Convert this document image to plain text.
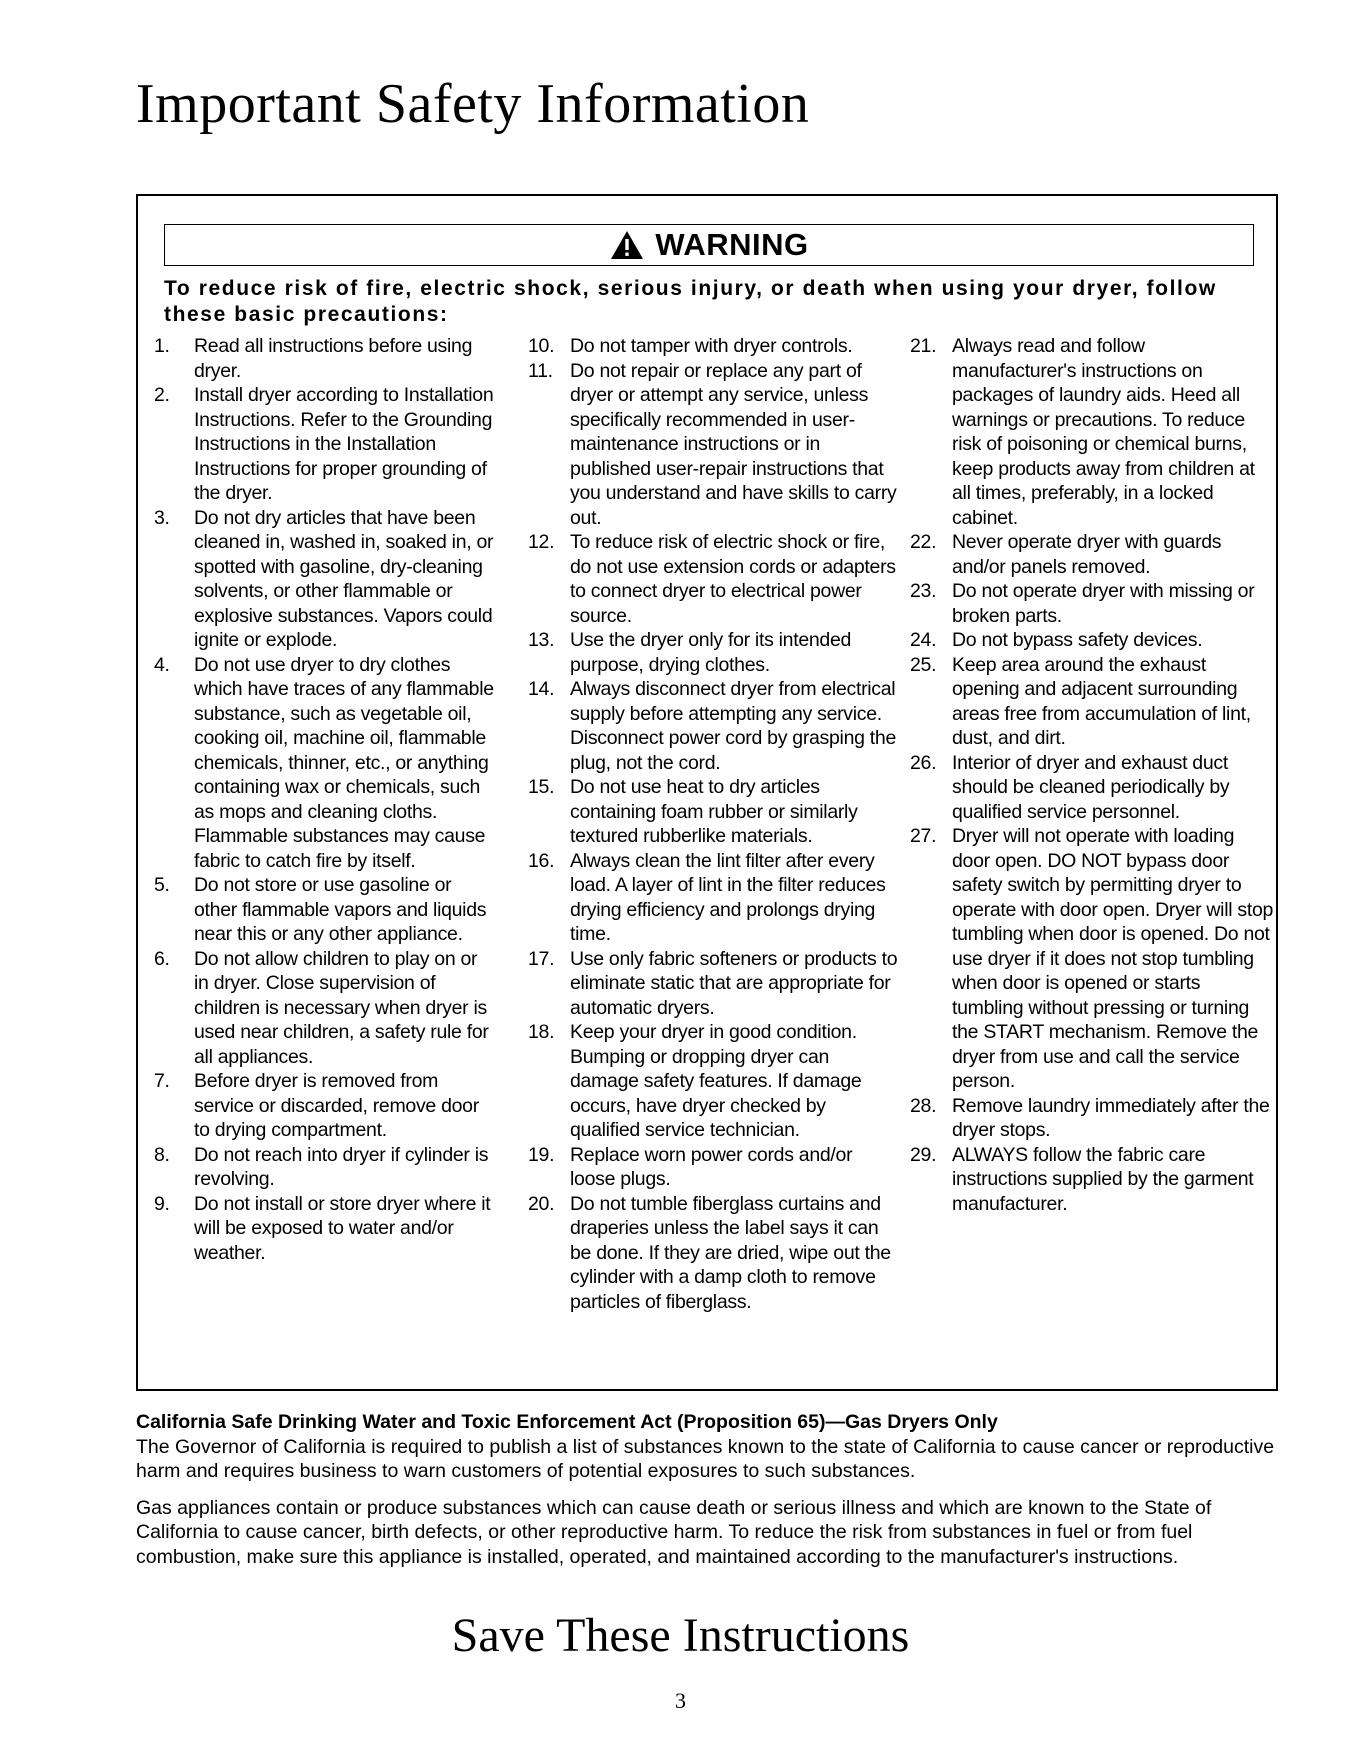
Important Safety Information
WARNING
To reduce risk of fire, electric shock, serious injury, or death when using your dryer, follow these basic precautions:
1. Read all instructions before using dryer.
2. Install dryer according to Installation Instructions. Refer to the Grounding Instructions in the Installation Instructions for proper grounding of the dryer.
3. Do not dry articles that have been cleaned in, washed in, soaked in, or spotted with gasoline, dry-cleaning solvents, or other flammable or explosive substances. Vapors could ignite or explode.
4. Do not use dryer to dry clothes which have traces of any flammable substance, such as vegetable oil, cooking oil, machine oil, flammable chemicals, thinner, etc., or anything containing wax or chemicals, such as mops and cleaning cloths. Flammable substances may cause fabric to catch fire by itself.
5. Do not store or use gasoline or other flammable vapors and liquids near this or any other appliance.
6. Do not allow children to play on or in dryer. Close supervision of children is necessary when dryer is used near children, a safety rule for all appliances.
7. Before dryer is removed from service or discarded, remove door to drying compartment.
8. Do not reach into dryer if cylinder is revolving.
9. Do not install or store dryer where it will be exposed to water and/or weather.
10. Do not tamper with dryer controls.
11. Do not repair or replace any part of dryer or attempt any service, unless specifically recommended in user-maintenance instructions or in published user-repair instructions that you understand and have skills to carry out.
12. To reduce risk of electric shock or fire, do not use extension cords or adapters to connect dryer to electrical power source.
13. Use the dryer only for its intended purpose, drying clothes.
14. Always disconnect dryer from electrical supply before attempting any service. Disconnect power cord by grasping the plug, not the cord.
15. Do not use heat to dry articles containing foam rubber or similarly textured rubberlike materials.
16. Always clean the lint filter after every load. A layer of lint in the filter reduces drying efficiency and prolongs drying time.
17. Use only fabric softeners or products to eliminate static that are appropriate for automatic dryers.
18. Keep your dryer in good condition. Bumping or dropping dryer can damage safety features. If damage occurs, have dryer checked by qualified service technician.
19. Replace worn power cords and/or loose plugs.
20. Do not tumble fiberglass curtains and draperies unless the label says it can be done. If they are dried, wipe out the cylinder with a damp cloth to remove particles of fiberglass.
21. Always read and follow manufacturer's instructions on packages of laundry aids. Heed all warnings or precautions. To reduce risk of poisoning or chemical burns, keep products away from children at all times, preferably, in a locked cabinet.
22. Never operate dryer with guards and/or panels removed.
23. Do not operate dryer with missing or broken parts.
24. Do not bypass safety devices.
25. Keep area around the exhaust opening and adjacent surrounding areas free from accumulation of lint, dust, and dirt.
26. Interior of dryer and exhaust duct should be cleaned periodically by qualified service personnel.
27. Dryer will not operate with loading door open. DO NOT bypass door safety switch by permitting dryer to operate with door open. Dryer will stop tumbling when door is opened. Do not use dryer if it does not stop tumbling when door is opened or starts tumbling without pressing or turning the START mechanism. Remove the dryer from use and call the service person.
28. Remove laundry immediately after the dryer stops.
29. ALWAYS follow the fabric care instructions supplied by the garment manufacturer.
California Safe Drinking Water and Toxic Enforcement Act (Proposition 65)—Gas Dryers Only

The Governor of California is required to publish a list of substances known to the state of California to cause cancer or reproductive harm and requires business to warn customers of potential exposures to such substances.

Gas appliances contain or produce substances which can cause death or serious illness and which are known to the State of California to cause cancer, birth defects, or other reproductive harm. To reduce the risk from substances in fuel or from fuel combustion, make sure this appliance is installed, operated, and maintained according to the manufacturer's instructions.

Save These Instructions
3
